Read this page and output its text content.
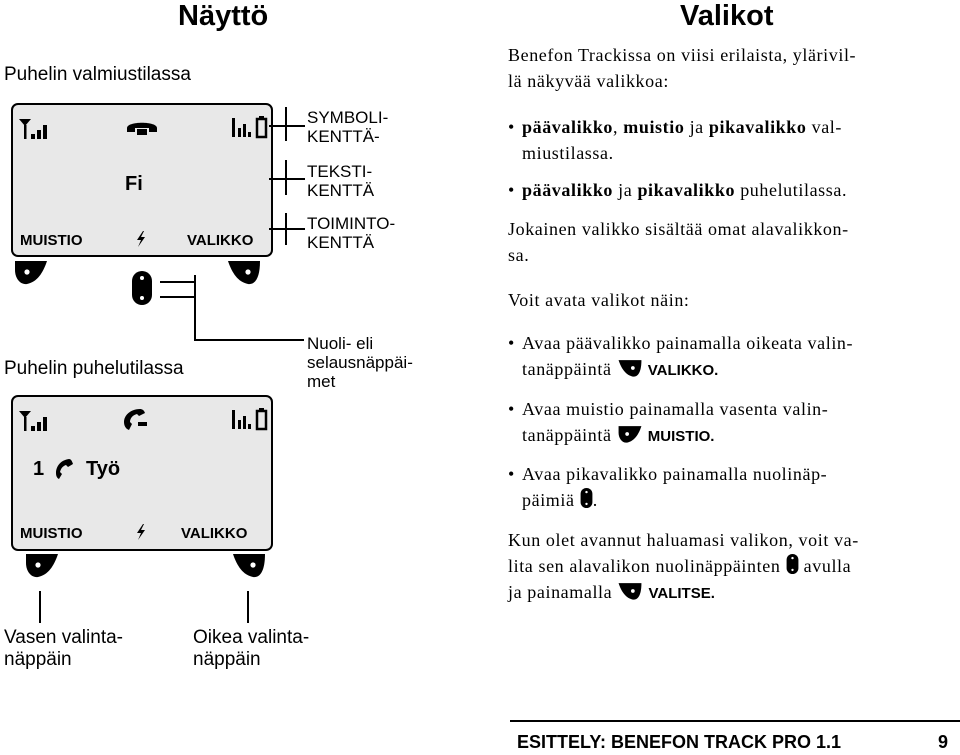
Näyttö
Puhelin valmiustilassa
Fi
MUISTIO	VALIKKO
SYMBOLI-
KENTTÄ-
TEKSTI-
KENTTÄ
TOIMINTO-
KENTTÄ
Nuoli- eli
selausnäppäi-
met
Puhelin puhelutilassa
1 Työ
MUISTIO	VALIKKO
Vasen valinta-
näppäin
Oikea valinta-
näppäin
Valikot
Benefon Trackissa on viisi erilaista, ylärivil-
lä näkyvää valikkoa:
• päävalikko, muistio ja pikavalikko val-
miustilassa.
• päävalikko ja pikavalikko puhelutilassa.
Jokainen valikko sisältää omat alavalikkon-
sa.
Voit avata valikot näin:
• Avaa päävalikko painamalla oikeata valin-
tanäppäintä VALIKKO.
• Avaa muistio painamalla vasenta valin-
tanäppäintä MUISTIO.
• Avaa pikavalikko painamalla nuolinäp-
päimiä .
Kun olet avannut haluamasi valikon, voit va-
lita sen alavalikon nuolinäppäinten avulla
ja painamalla VALITSE.
ESITTELY: BENEFON TRACK PRO 1.1	9
